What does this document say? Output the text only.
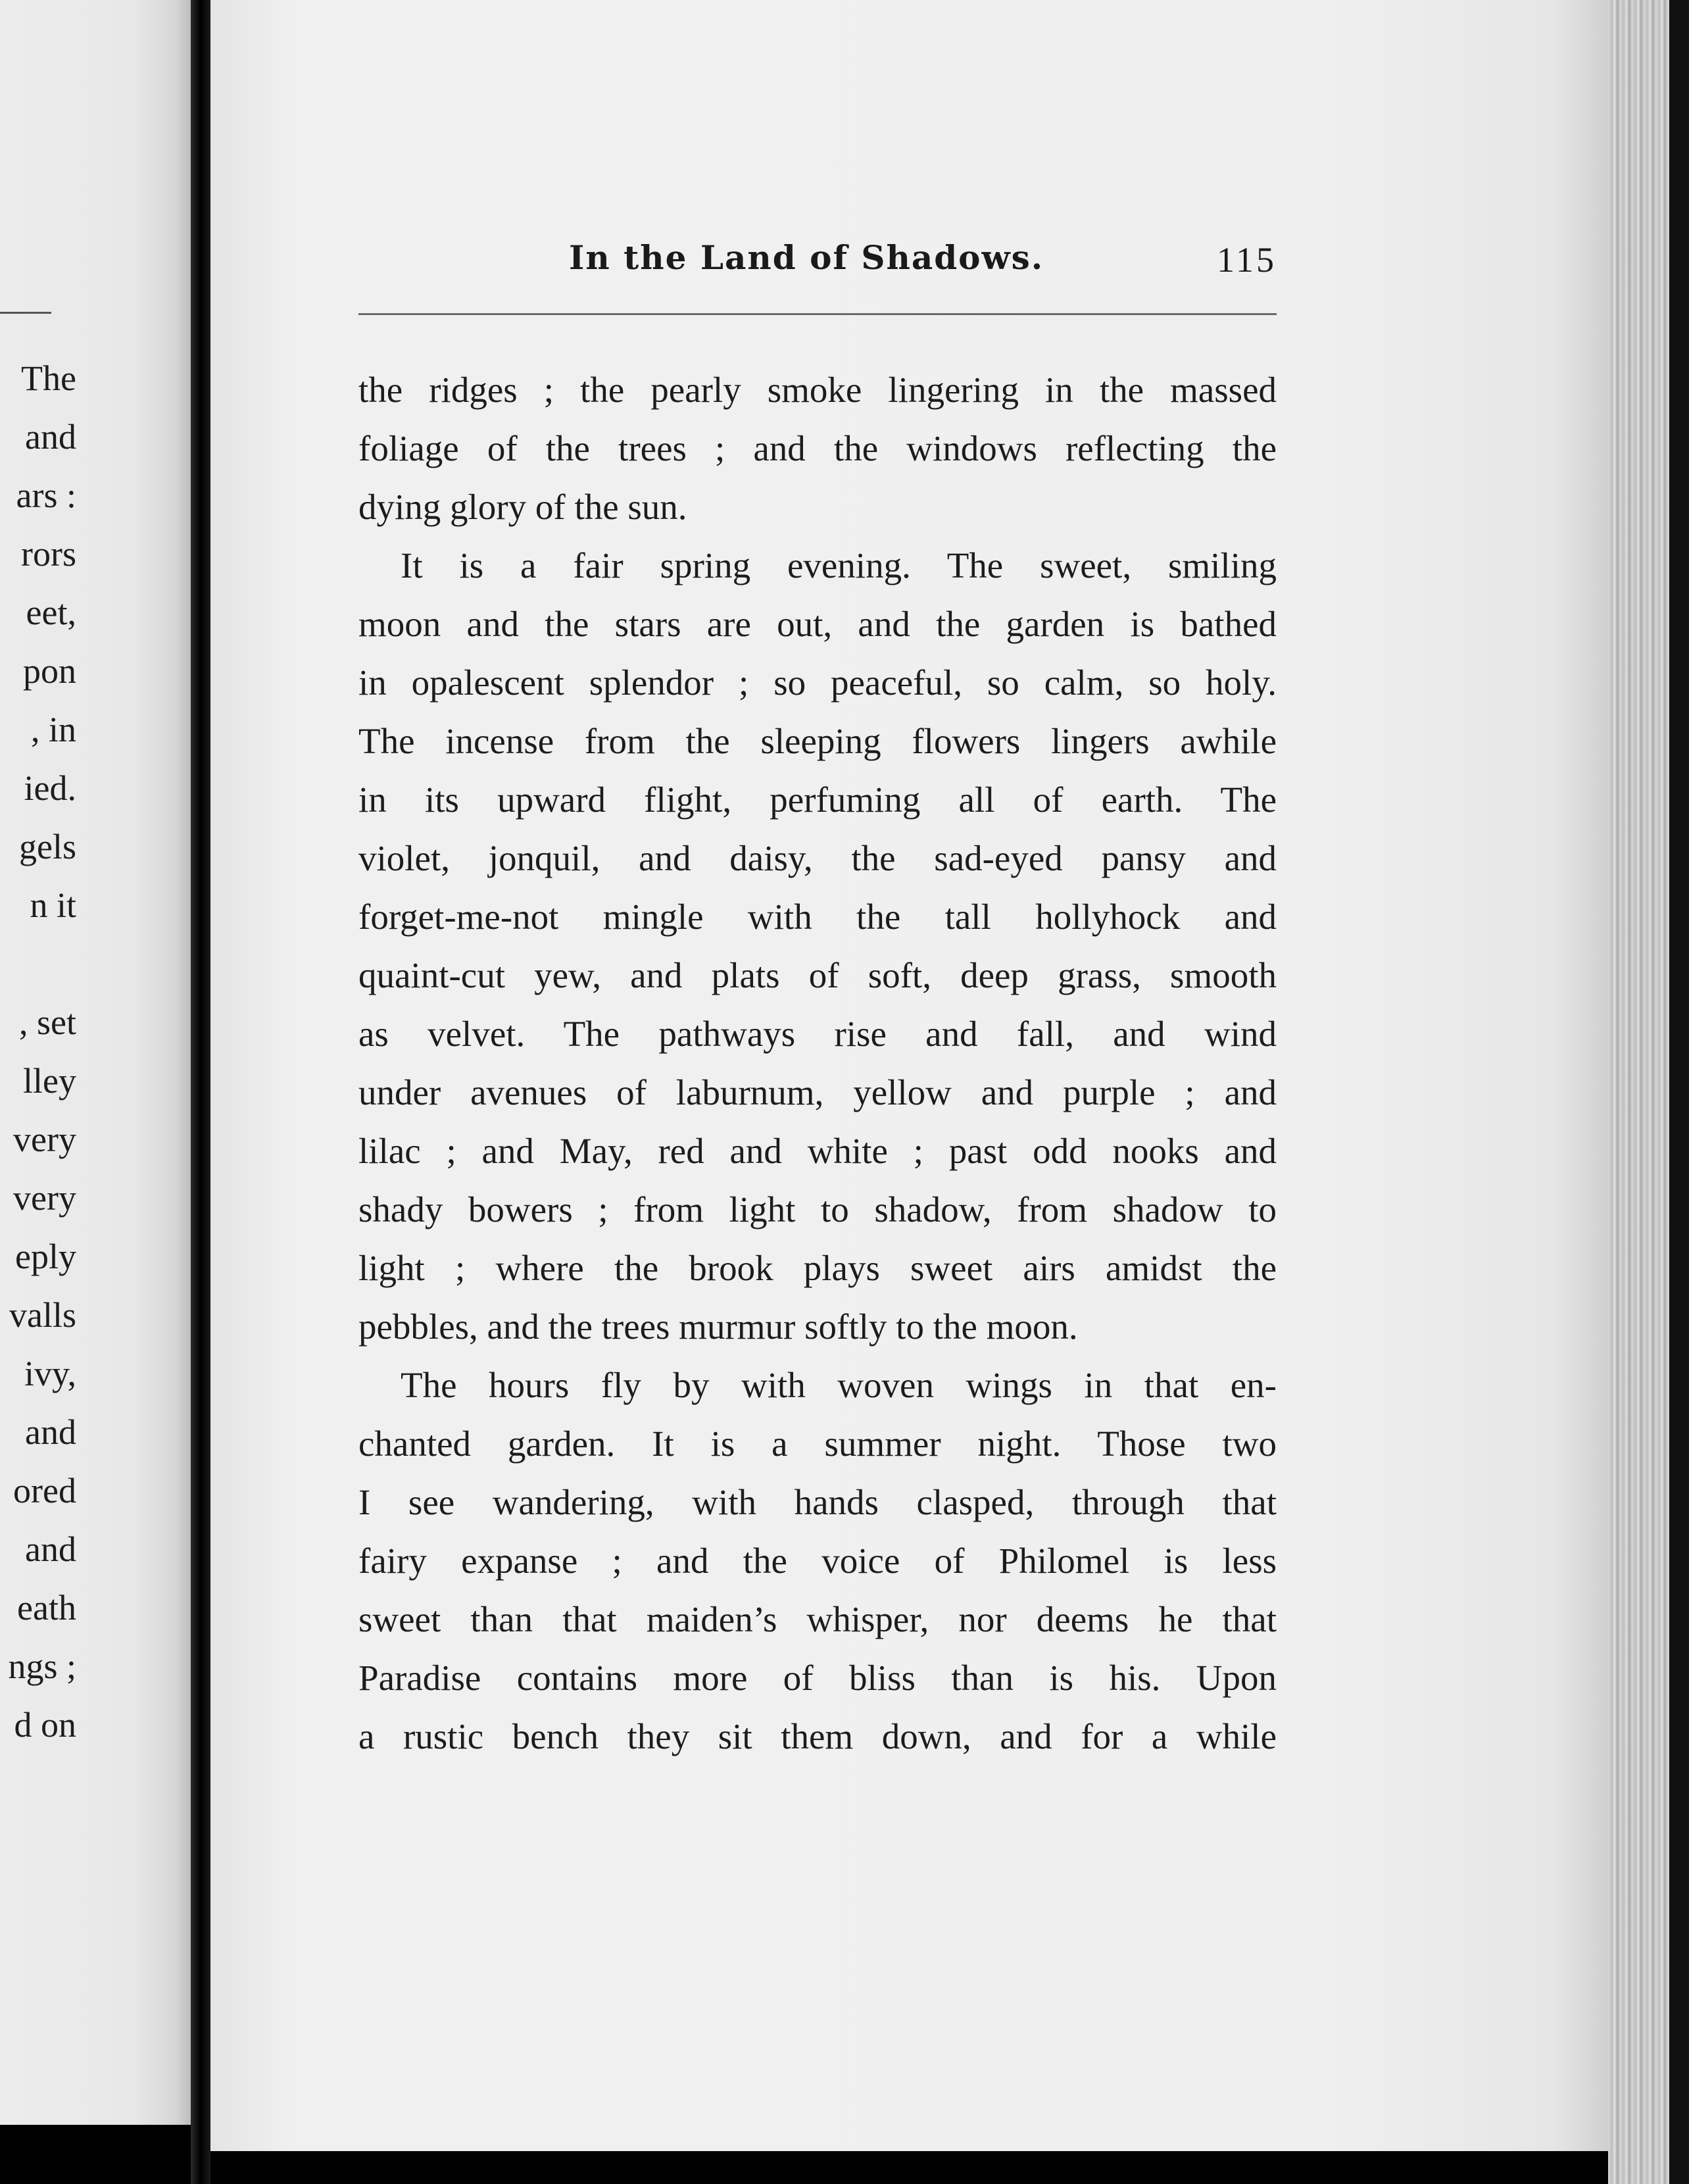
The
and
ars :
rors
eet,
pon
, in
ied.
gels
n it
, set
lley
very
very
eply
valls
ivy,
and
ored
and
eath
ngs ;
d on
In the Land of Shadows.	115
the ridges ; the pearly smoke lingering in the massed
foliage of the trees ; and the windows reflecting the
dying glory of the sun.
It is a fair spring evening. The sweet, smiling
moon and the stars are out, and the garden is bathed
in opalescent splendor ; so peaceful, so calm, so holy.
The incense from the sleeping flowers lingers awhile
in its upward flight, perfuming all of earth. The
violet, jonquil, and daisy, the sad-eyed pansy and
forget-me-not mingle with the tall hollyhock and
quaint-cut yew, and plats of soft, deep grass, smooth
as velvet. The pathways rise and fall, and wind
under avenues of laburnum, yellow and purple ; and
lilac ; and May, red and white ; past odd nooks and
shady bowers ; from light to shadow, from shadow to
light ; where the brook plays sweet airs amidst the
pebbles, and the trees murmur softly to the moon.
The hours fly by with woven wings in that en-
chanted garden. It is a summer night. Those two
I see wandering, with hands clasped, through that
fairy expanse ; and the voice of Philomel is less
sweet than that maiden’s whisper, nor deems he that
Paradise contains more of bliss than is his. Upon
a rustic bench they sit them down, and for a while
